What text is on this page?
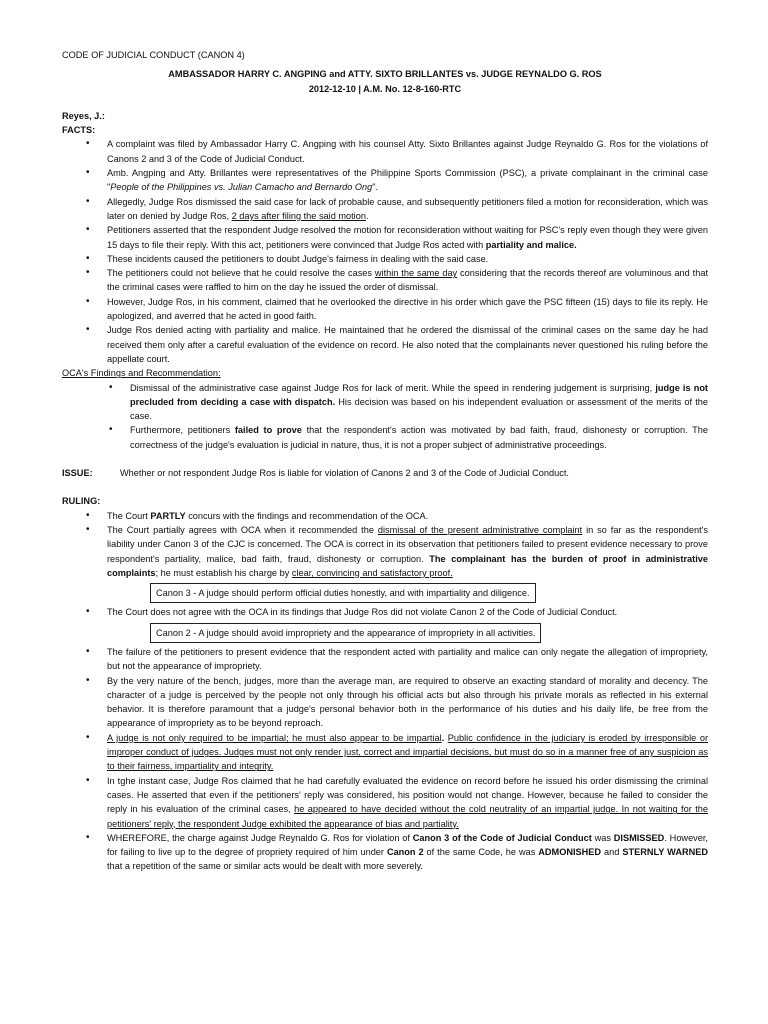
CODE OF JUDICIAL CONDUCT (CANON 4)

AMBASSADOR HARRY C. ANGPING and ATTY. SIXTO BRILLANTES vs. JUDGE REYNALDO G. ROS

2012-12-10 | A.M. No. 12-8-160-RTC

Reyes, J.:

FACTS:

• A complaint was filed by Ambassador Harry C. Angping with his counsel Atty. Sixto Brillantes against Judge Reynaldo G. Ros for the violations of Canons 2 and 3 of the Code of Judicial Conduct.
• Amb. Angping and Atty. Brillantes were representatives of the Philippine Sports Commission (PSC), a private complainant in the criminal case "People of the Philippines vs. Julian Camacho and Bernardo Ong".
• Allegedly, Judge Ros dismissed the said case for lack of probable cause, and subsequently petitioners filed a motion for reconsideration, which was later on denied by Judge Ros, 2 days after filing the said motion.
• Petitioners asserted that the respondent Judge resolved the motion for reconsideration without waiting for PSC's reply even though they were given 15 days to file their reply. With this act, petitioners were convinced that Judge Ros acted with partiality and malice.
• These incidents caused the petitioners to doubt Judge's fairness in dealing with the said case.
• The petitioners could not believe that he could resolve the cases within the same day considering that the records thereof are voluminous and that the criminal cases were raffled to him on the day he issued the order of dismissal.
• However, Judge Ros, in his comment, claimed that he overlooked the directive in his order which gave the PSC fifteen (15) days to file its reply. He apologized, and averred that he acted in good faith.
• Judge Ros denied acting with partiality and malice. He maintained that he ordered the dismissal of the criminal cases on the same day he had received them only after a careful evaluation of the evidence on record. He also noted that the complainants never questioned his ruling before the appellate court.

OCA's Findings and Recommendation:

• Dismissal of the administrative case against Judge Ros for lack of merit. While the speed in rendering judgement is surprising, judge is not precluded from deciding a case with dispatch. His decision was based on his independent evaluation or assessment of the merits of the case.
• Furthermore, petitioners failed to prove that the respondent's action was motivated by bad faith, fraud, dishonesty or corruption. The correctness of the judge's evaluation is judicial in nature, thus, it is not a proper subject of administrative proceedings.
ISSUE:	Whether or not respondent Judge Ros is liable for violation of Canons 2 and 3 of the Code of Judicial Conduct.

RULING:

• The Court PARTLY concurs with the findings and recommendation of the OCA.
• The Court partially agrees with OCA when it recommended the dismissal of the present administrative complaint in so far as the respondent's liability under Canon 3 of the CJC is concerned. The OCA is correct in its observation that petitioners failed to present evidence necessary to prove respondent's partiality, malice, bad faith, fraud, dishonesty or corruption. The complainant has the burden of proof in administrative complaints; he must establish his charge by clear, convincing and satisfactory proof.
Canon 3 - A judge should perform official duties honestly, and with impartiality and diligence.
• The Court does not agree with the OCA in its findings that Judge Ros did not violate Canon 2 of the Code of Judicial Conduct.
Canon 2 - A judge should avoid impropriety and the appearance of impropriety in all activities.
• The failure of the petitioners to present evidence that the respondent acted with partiality and malice can only negate the allegation of impropriety, but not the appearance of impropriety.
• By the very nature of the bench, judges, more than the average man, are required to observe an exacting standard of morality and decency. The character of a judge is perceived by the people not only through his official acts but also through his private morals as reflected in his external behavior. It is therefore paramount that a judge's personal behavior both in the performance of his duties and his daily life, be free from the appearance of impropriety as to be beyond reproach.
• A judge is not only required to be impartial; he must also appear to be impartial. Public confidence in the judiciary is eroded by irresponsible or improper conduct of judges. Judges must not only render just, correct and impartial decisions, but must do so in a manner free of any suspicion as to their fairness, impartiality and integrity.
• In tghe instant case, Judge Ros claimed that he had carefully evaluated the evidence on record before he issued his order dismissing the criminal cases. He asserted that even if the petitioners' reply was considered, his position would not change. However, because he failed to consider the reply in his evaluation of the criminal cases, he appeared to have decided without the cold neutrality of an impartial judge. In not waiting for the petitioners' reply, the respondent Judge exhibited the appearance of bias and partiality.
• WHEREFORE, the charge against Judge Reynaldo G. Ros for violation of Canon 3 of the Code of Judicial Conduct was DISMISSED. However, for failing to live up to the degree of propriety required of him under Canon 2 of the same Code, he was ADMONISHED and STERNLY WARNED that a repetition of the same or similar acts would be dealt with more severely.
